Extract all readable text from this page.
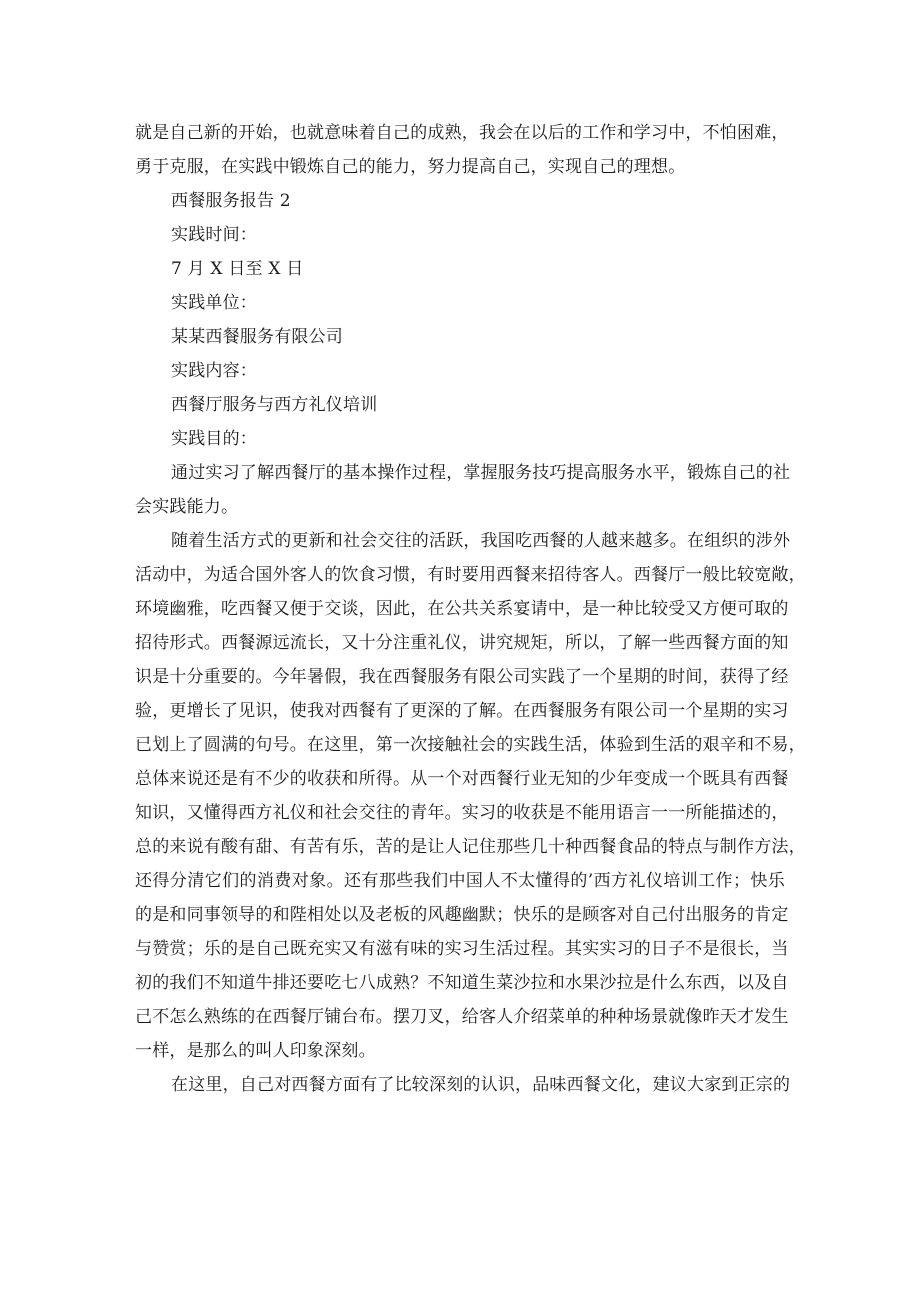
就是自己新的开始，也就意味着自己的成熟，我会在以后的工作和学习中，不怕困难，
勇于克服，在实践中锻炼自己的能力，努力提高自己，实现自己的理想。
西餐服务报告 2
实践时间：
7 月 X 日至 X 日
实践单位：
某某西餐服务有限公司
实践内容：
西餐厅服务与西方礼仪培训
实践目的：
通过实习了解西餐厅的基本操作过程，掌握服务技巧提高服务水平，锻炼自己的社
会实践能力。
随着生活方式的更新和社会交往的活跃，我国吃西餐的人越来越多。在组织的涉外
活动中，为适合国外客人的饮食习惯，有时要用西餐来招待客人。西餐厅一般比较宽敞，
环境幽雅，吃西餐又便于交谈，因此，在公共关系宴请中，是一种比较受又方便可取的
招待形式。西餐源远流长，又十分注重礼仪，讲究规矩，所以，了解一些西餐方面的知
识是十分重要的。今年暑假，我在西餐服务有限公司实践了一个星期的时间，获得了经
验，更增长了见识，使我对西餐有了更深的了解。在西餐服务有限公司一个星期的实习
已划上了圆满的句号。在这里，第一次接触社会的实践生活，体验到生活的艰辛和不易，
总体来说还是有不少的收获和所得。从一个对西餐行业无知的少年变成一个既具有西餐
知识，又懂得西方礼仪和社会交往的青年。实习的收获是不能用语言一一所能描述的，
总的来说有酸有甜、有苦有乐，苦的是让人记住那些几十种西餐食品的特点与制作方法，
还得分清它们的消费对象。还有那些我们中国人不太懂得的’西方礼仪培训工作；快乐
的是和同事领导的和陛相处以及老板的风趣幽默；快乐的是顾客对自己付出服务的肯定
与赞赏；乐的是自己既充实又有滋有味的实习生活过程。其实实习的日子不是很长，当
初的我们不知道牛排还要吃七八成熟？不知道生菜沙拉和水果沙拉是什么东西，以及自
己不怎么熟练的在西餐厅铺台布。摆刀叉，给客人介绍菜单的种种场景就像昨天才发生
一样，是那么的叫人印象深刻。
在这里，自己对西餐方面有了比较深刻的认识，品味西餐文化，建议大家到正宗的
